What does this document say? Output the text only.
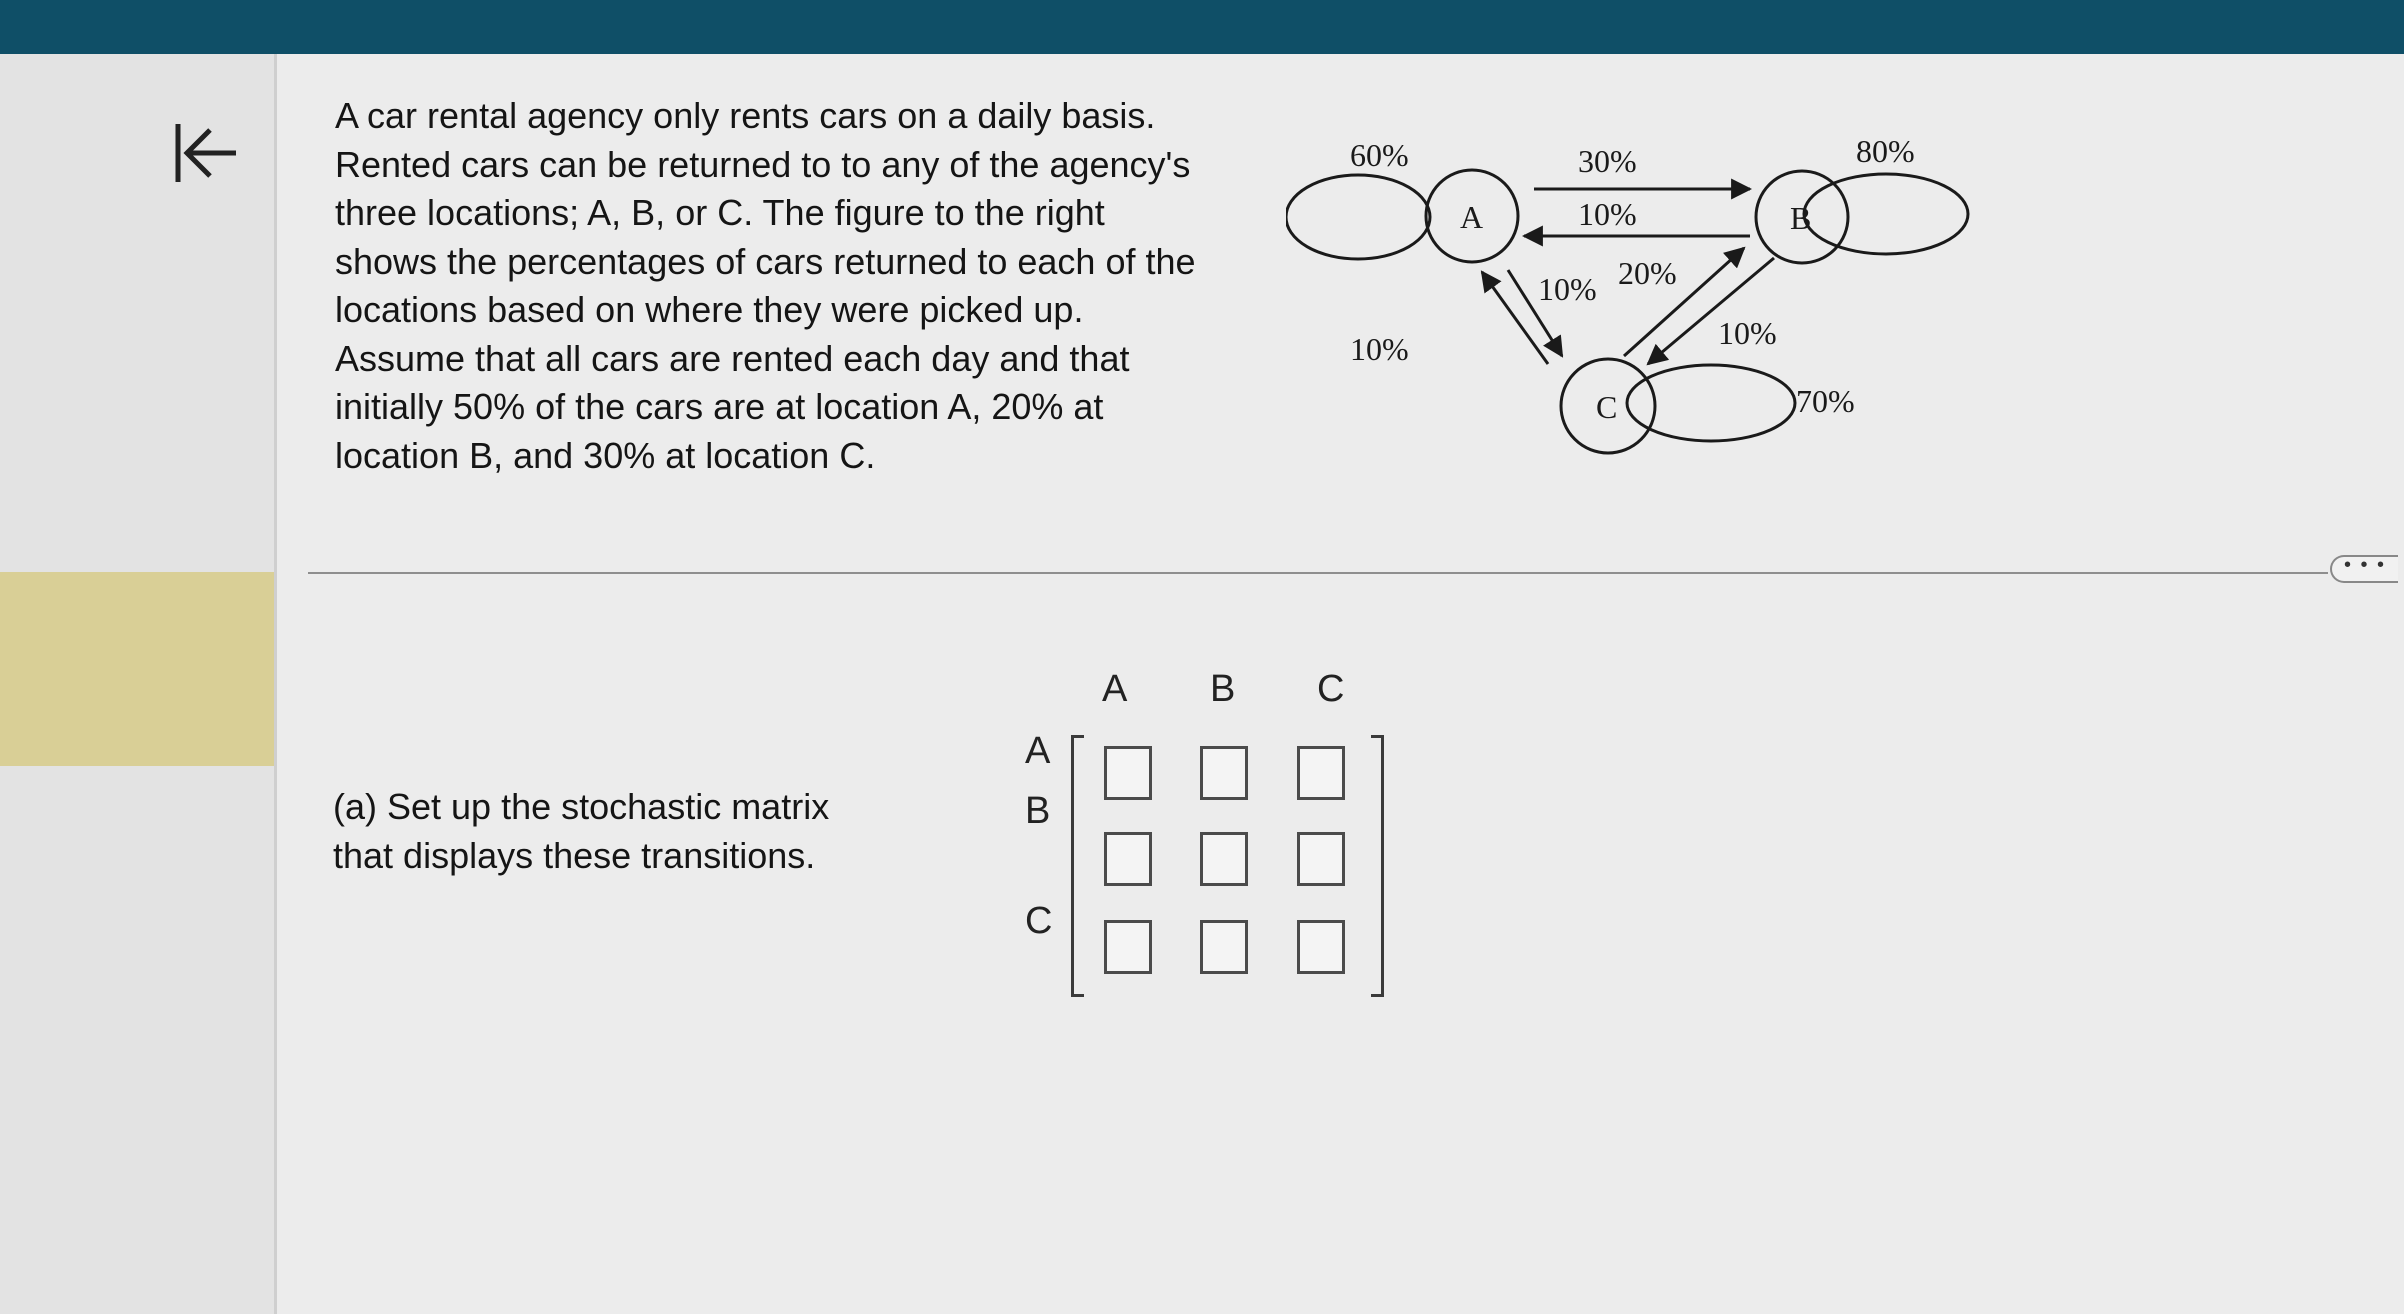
A car rental agency only rents cars on a daily basis.
Rented cars can be returned to to any of the agency's
three locations; A, B, or C. The figure to the right
shows the percentages of cars returned to each of the
locations based on where they were picked up.
Assume that all cars are rented each day and that
initially 50% of the cars are at location A, 20% at
location B, and 30% at location C.

A	B
C
60%	30%
10%
80%
10%
10% 20%
10%
70%
• • •

(a) Set up the stochastic matrix
that displays these transitions.

A B C
A
B
C
